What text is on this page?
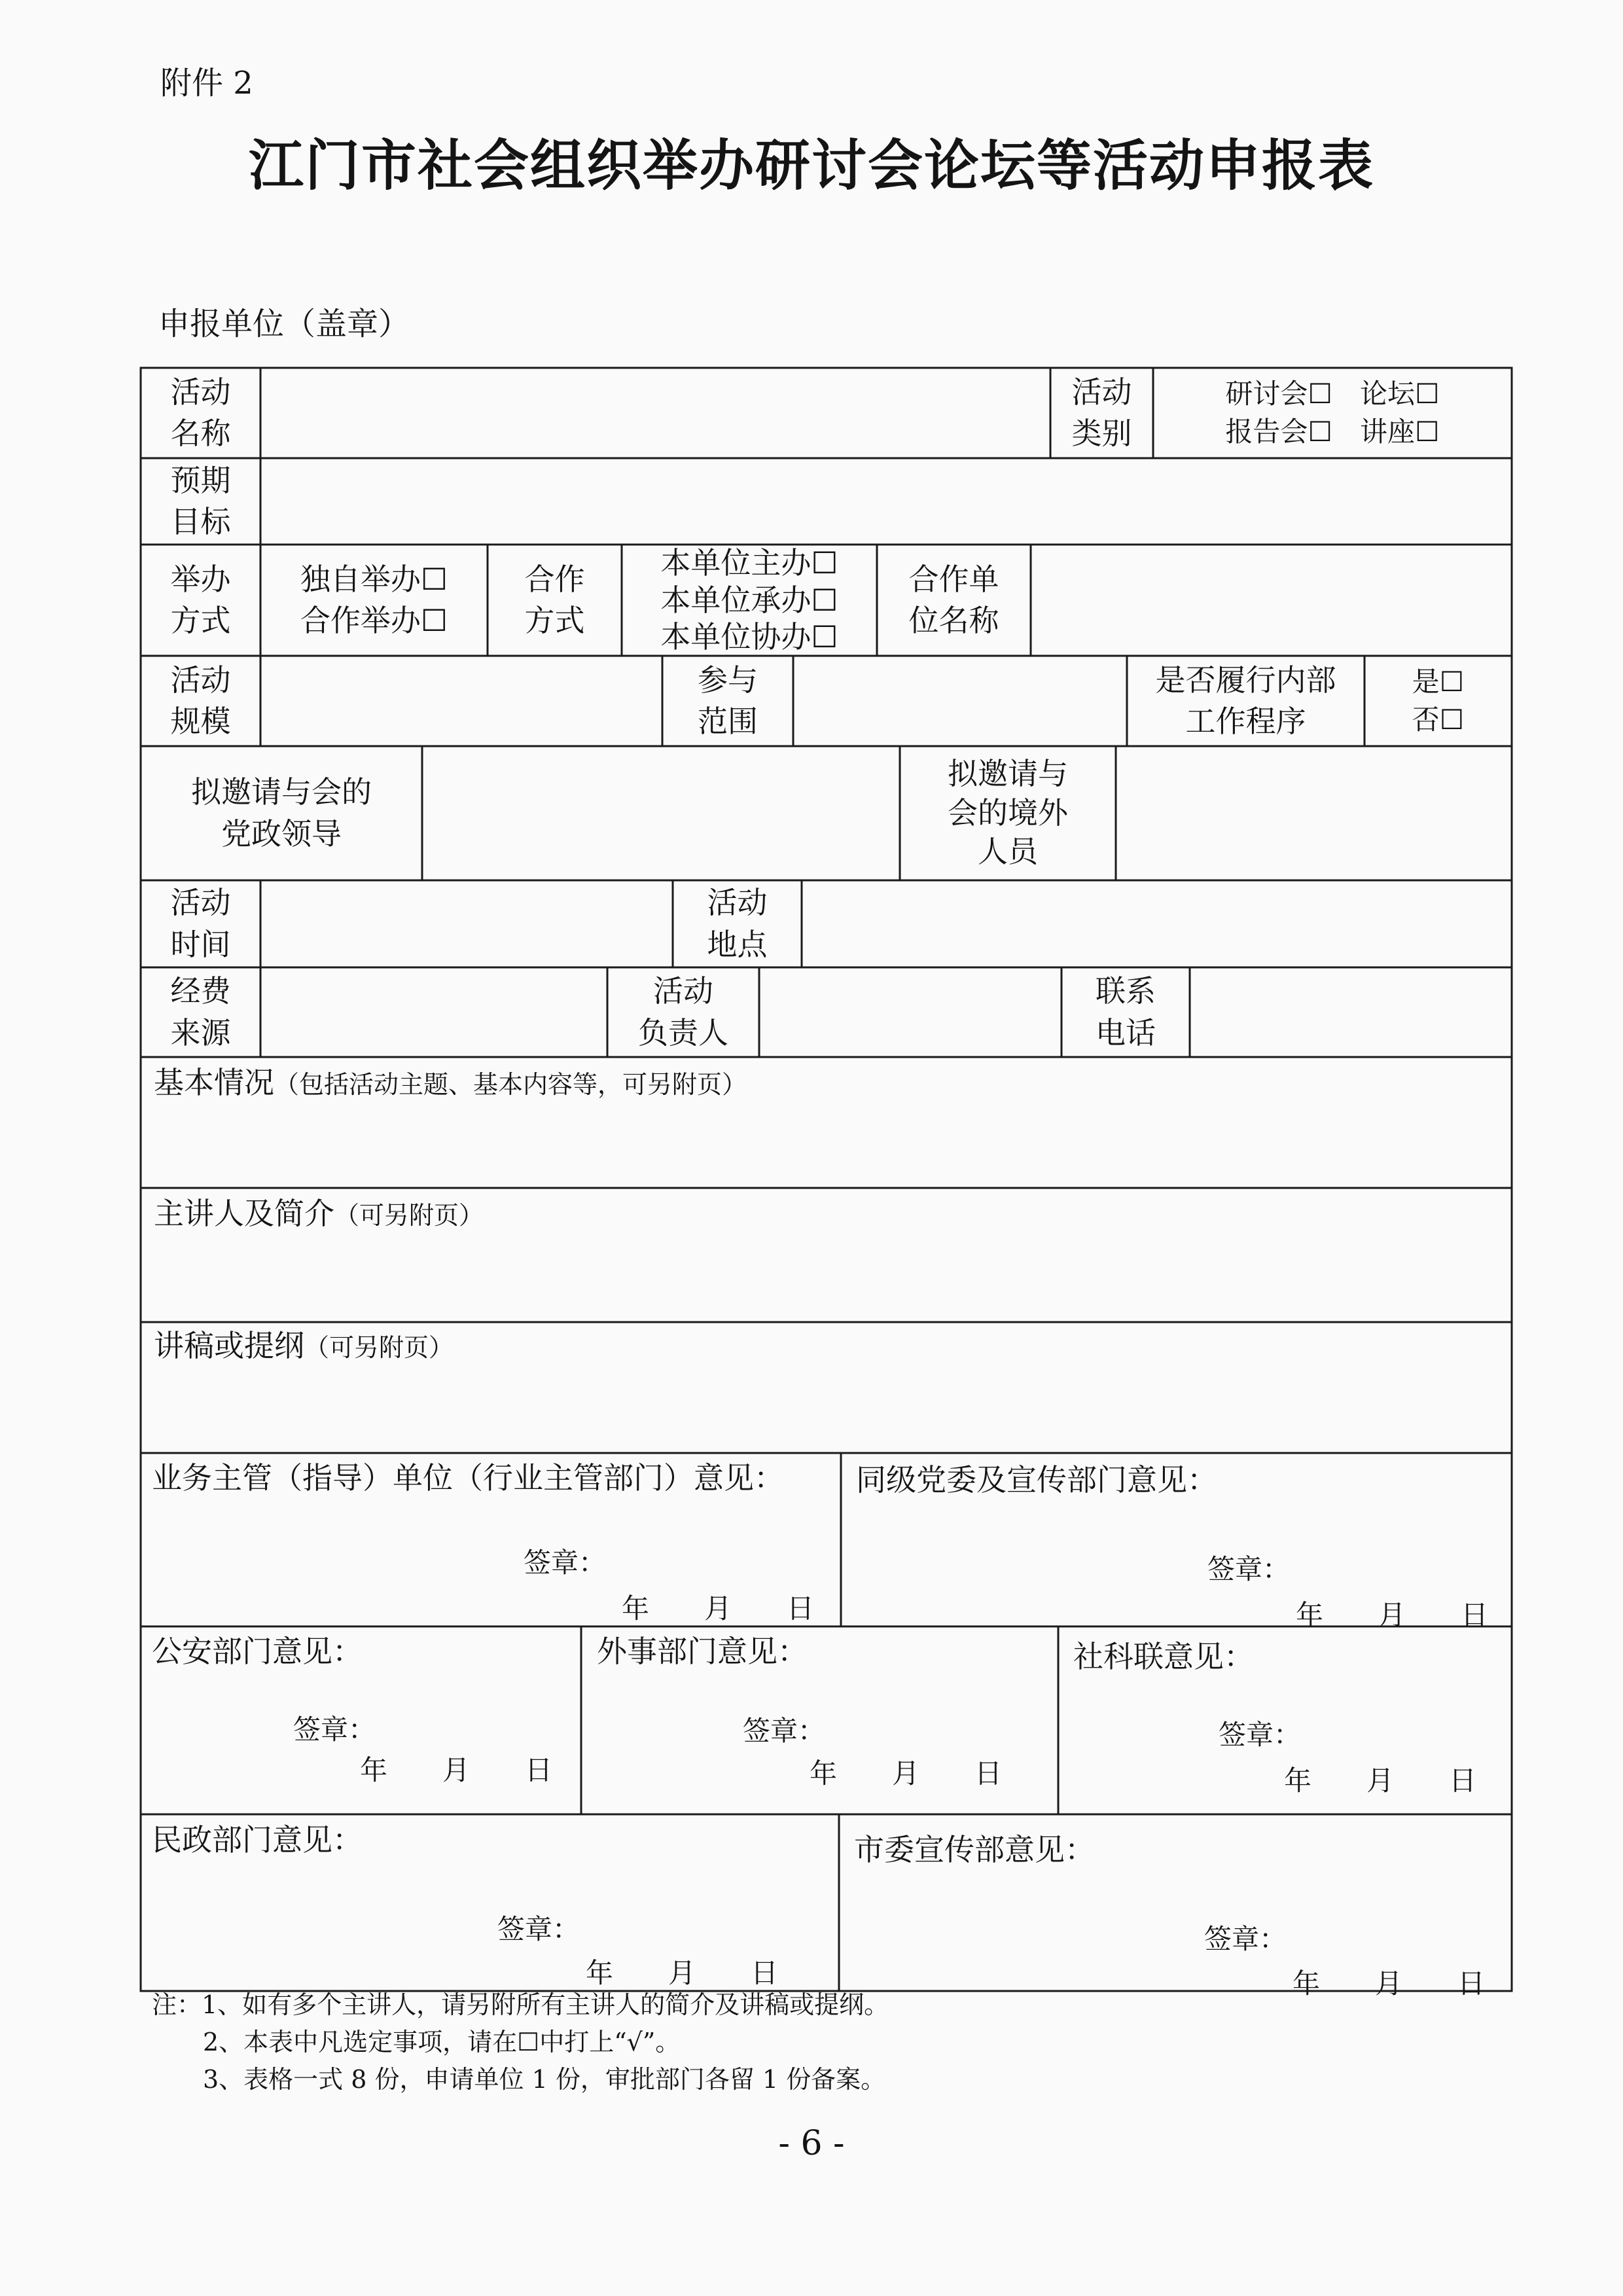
附件 2
江门市社会组织举办研讨会论坛等活动申报表
申报单位（盖章）
活动
名称
活动
类别
研讨会☐   论坛☐
报告会☐   讲座☐
预期
目标
举办
方式
独自举办☐
合作举办☐
合作
方式
本单位主办☐
本单位承办☐
本单位协办☐
合作单
位名称
活动
规模
参与
范围
是否履行内部
工作程序
是☐
否☐
拟邀请与会的
党政领导
拟邀请与
会的境外
人员
活动
时间
活动
地点
经费
来源
活动
负责人
联系
电话
基本情况（包括活动主题、基本内容等，可另附页）
主讲人及简介（可另附页）
讲稿或提纲（可另附页）
业务主管（指导）单位（行业主管部门）意见：
签章：
年   月   日
同级党委及宣传部门意见：
签章：
年   月   日
公安部门意见：
签章：
年   月   日
外事部门意见：
签章：
年   月   日
社科联意见：
签章：
年   月   日
民政部门意见：
签章：
年   月   日
市委宣传部意见：
签章：
年   月   日
注：1、如有多个主讲人，请另附所有主讲人的简介及讲稿或提纲。
2、本表中凡选定事项，请在☐中打上“√”。
3、表格一式 8 份，申请单位 1 份，审批部门各留 1 份备案。
- 6 -
